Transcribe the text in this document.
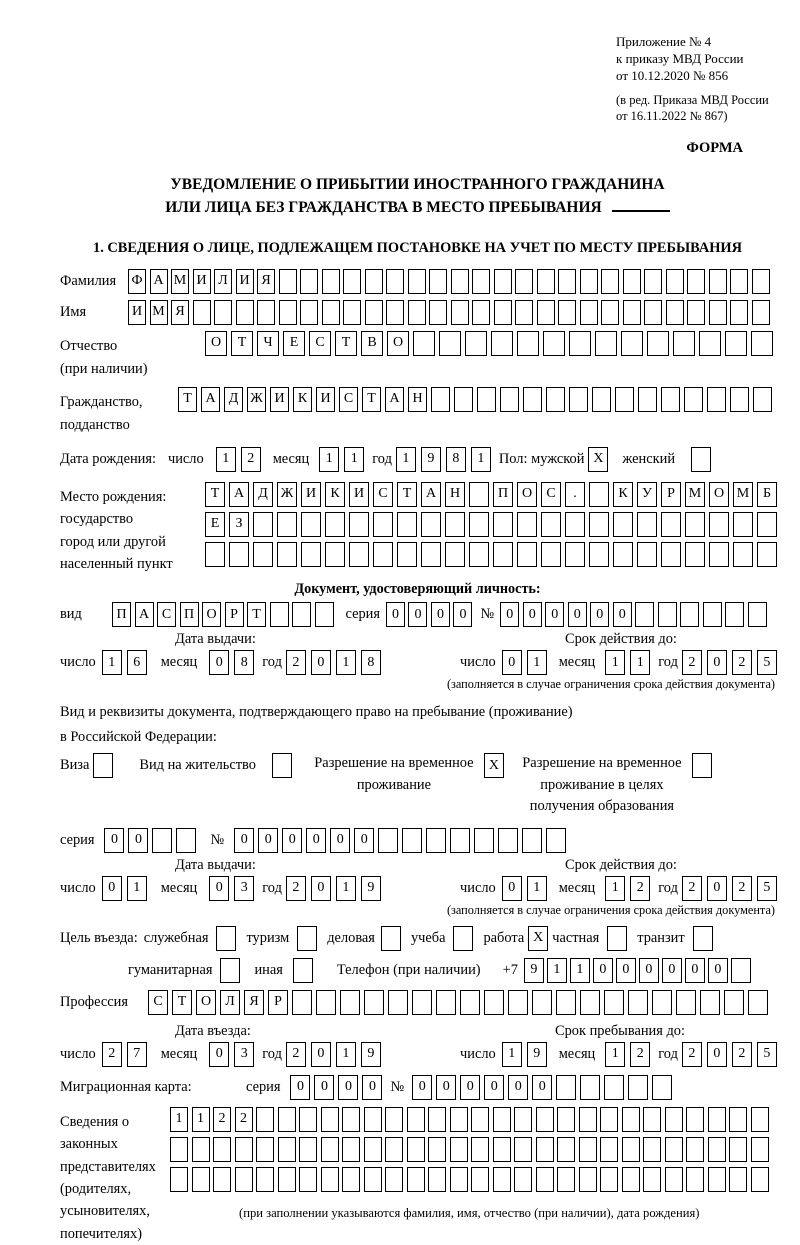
Приложение № 4
к приказу МВД России
от 10.12.2020 № 856
(в ред. Приказа МВД России
от 16.11.2022 № 867)
ФОРМА
УВЕДОМЛЕНИЕ О ПРИБЫТИИ ИНОСТРАННОГО ГРАЖДАНИНА
ИЛИ ЛИЦА БЕЗ ГРАЖДАНСТВА В МЕСТО ПРЕБЫВАНИЯ
1. СВЕДЕНИЯ О ЛИЦЕ, ПОДЛЕЖАЩЕМ ПОСТАНОВКЕ НА УЧЕТ ПО МЕСТУ ПРЕБЫВАНИЯ
Фамилия	Ф А М И Л И Я
Имя	И М Я
Отчество
(при наличии)
О	Т	Ч	Е	С	Т	В	О
Гражданство,
подданство
Т А Д Ж И К И С	Т А Н
Дата рождения: число	1	2	месяц	1	1	год 1	9	8	1	Пол: мужской X	женский
Место рождения:
государство
город или другой
населенный пункт
Т	А	Д Ж И	К	И	С	Т	А Н	П О	С	.	К	У	Р М О М Б
Е	З
Документ, удостоверяющий личность:
вид	П А С П О Р	Т	серия 0	0	0	0 № 0	0	0	0	0	0
Дата выдачи:
число 1	6	месяц	0	8	год 2	0	1	8
Срок действия до:
число 0	1	месяц	1	1	год 2	0	2	5
(заполняется в случае ограничения срока действия документа)
Вид и реквизиты документа, подтверждающего право на пребывание (проживание)
в Российской Федерации:
Виза	Вид на жительство	Разрешение на временное проживание
X	Разрешение на временное проживание в целях получения образования
серия	0	0	№	0	0	0	0	0	0
Дата выдачи:
число 0	1	месяц	0	3	год 2	0	1	9
Срок действия до:
число 0	1	месяц	1	2	год 2	0	2	5
(заполняется в случае ограничения срока действия документа)
Цель въезда: служебная	туризм	деловая	учеба	работа X частная	транзит
гуманитарная	иная	Телефон (при наличии) +7 9	1	1	0	0	0	0	0	0
Профессия	С	Т	О	Л	Я	Р
Дата въезда:
число 2	7	месяц	0	3	год 2	0	1	9
Срок пребывания до:
число 1	9	месяц	1	2	год 2	0	2	5
Миграционная карта:	серия	0	0	0	0	№	0	0	0	0	0	0
Сведения о
законных
представителях
(родителях,
усыновителях,
попечителях)
1	1	2	2
(при заполнении указываются фамилия, имя, отчество (при наличии), дата рождения)
